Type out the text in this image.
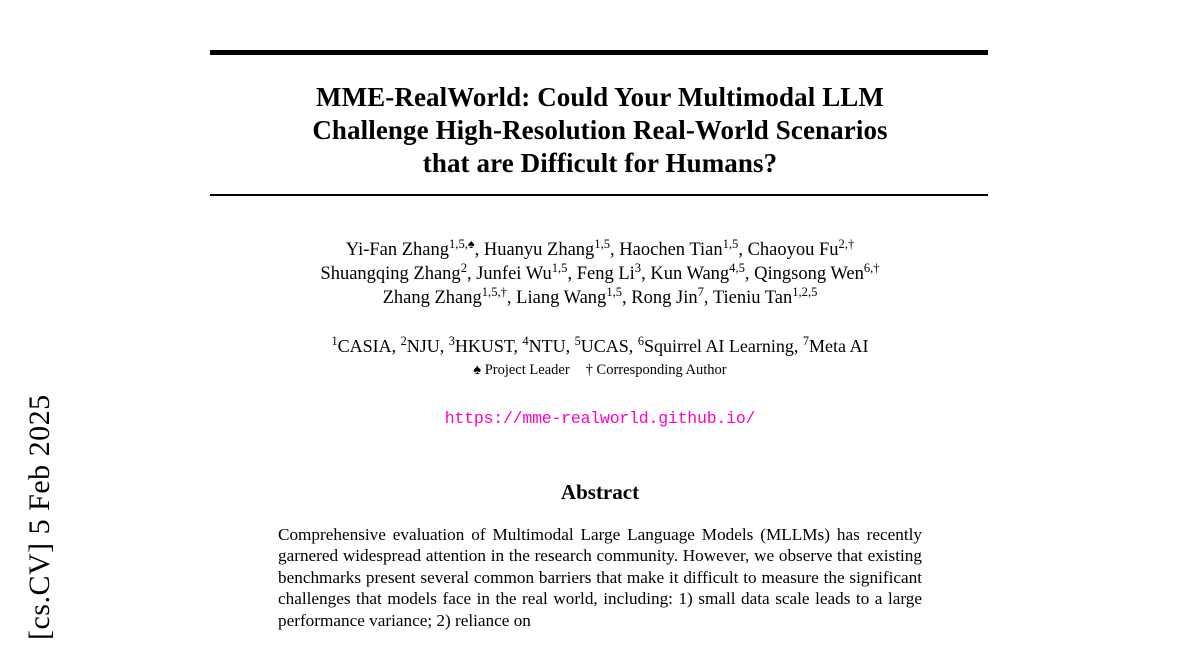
[cs.CV] 5 Feb 2025
MME-RealWorld: Could Your Multimodal LLM
Challenge High-Resolution Real-World Scenarios
that are Difficult for Humans?
Yi-Fan Zhang$^{1,5,♠}$, Huanyu Zhang$^{1,5}$, Haochen Tian$^{1,5}$, Chaoyou $Fu^{2,\dagger}$
Shuangqing Zhang$^2$, Junfei Wu$^{1,5}$, Feng Li$^3$, Kun Wang$^{4,5}$, Qingsong Wen$^{6,\dagger}$
Zhang Zhang$^{1,5,\dagger}$, Liang Wang$^{1,5}$, Rong Jin$^7$, Tieniu Tan$^{1,2,5}$
$^1$CASIA, $^2$NJU, $^3$HKUST, $^4$NTU, $^5$UCAS, $^6$Squirrel AI Learning, $^7$Meta AI
♠ Project Leader † Corresponding Author
https://mme-realworld.github.io/
Abstract

Comprehensive evaluation of Multimodal Large Language Models (MLLMs) has recently garnered widespread attention in the research community. However, we observe that existing benchmarks present several common barriers that make it difficult to measure the significant challenges that models face in the real world, including: 1) small data scale leads to a large performance variance; 2) reliance on
